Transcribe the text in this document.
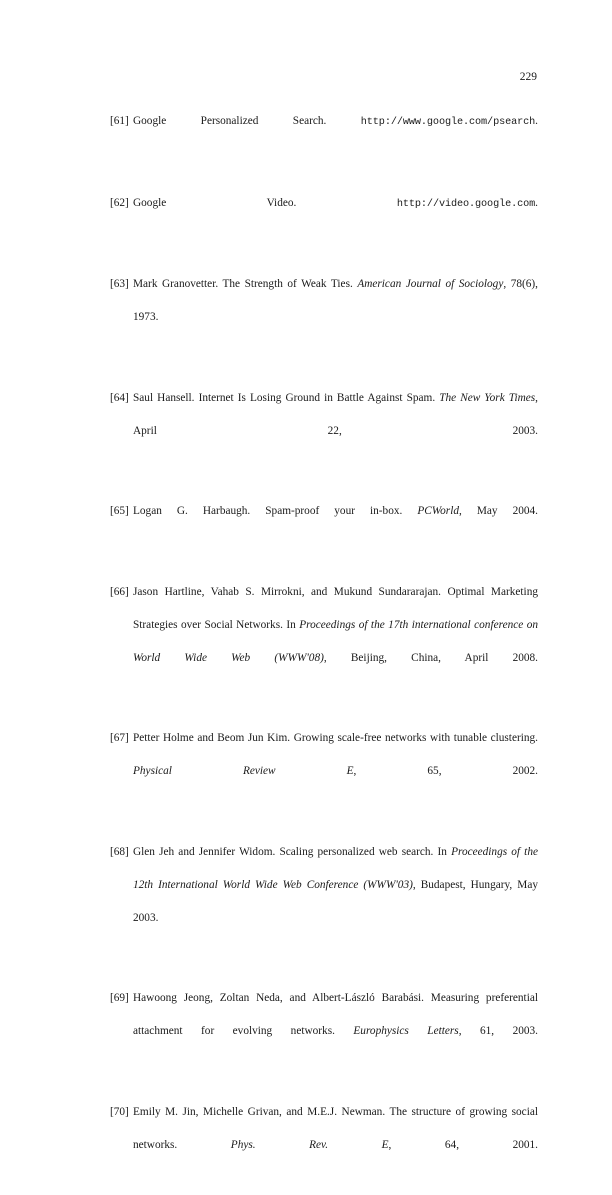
229
[61] Google Personalized Search. http://www.google.com/psearch.
[62] Google Video. http://video.google.com.
[63] Mark Granovetter. The Strength of Weak Ties. American Journal of Sociology, 78(6), 1973.
[64] Saul Hansell. Internet Is Losing Ground in Battle Against Spam. The New York Times, April 22, 2003.
[65] Logan G. Harbaugh. Spam-proof your in-box. PCWorld, May 2004.
[66] Jason Hartline, Vahab S. Mirrokni, and Mukund Sundararajan. Optimal Marketing Strategies over Social Networks. In Proceedings of the 17th international conference on World Wide Web (WWW'08), Beijing, China, April 2008.
[67] Petter Holme and Beom Jun Kim. Growing scale-free networks with tunable clustering. Physical Review E, 65, 2002.
[68] Glen Jeh and Jennifer Widom. Scaling personalized web search. In Proceedings of the 12th International World Wide Web Conference (WWW'03), Budapest, Hungary, May 2003.
[69] Hawoong Jeong, Zoltan Neda, and Albert-László Barabási. Measuring preferential attachment for evolving networks. Europhysics Letters, 61, 2003.
[70] Emily M. Jin, Michelle Grivan, and M.E.J. Newman. The structure of growing social networks. Phys. Rev. E, 64, 2001.
